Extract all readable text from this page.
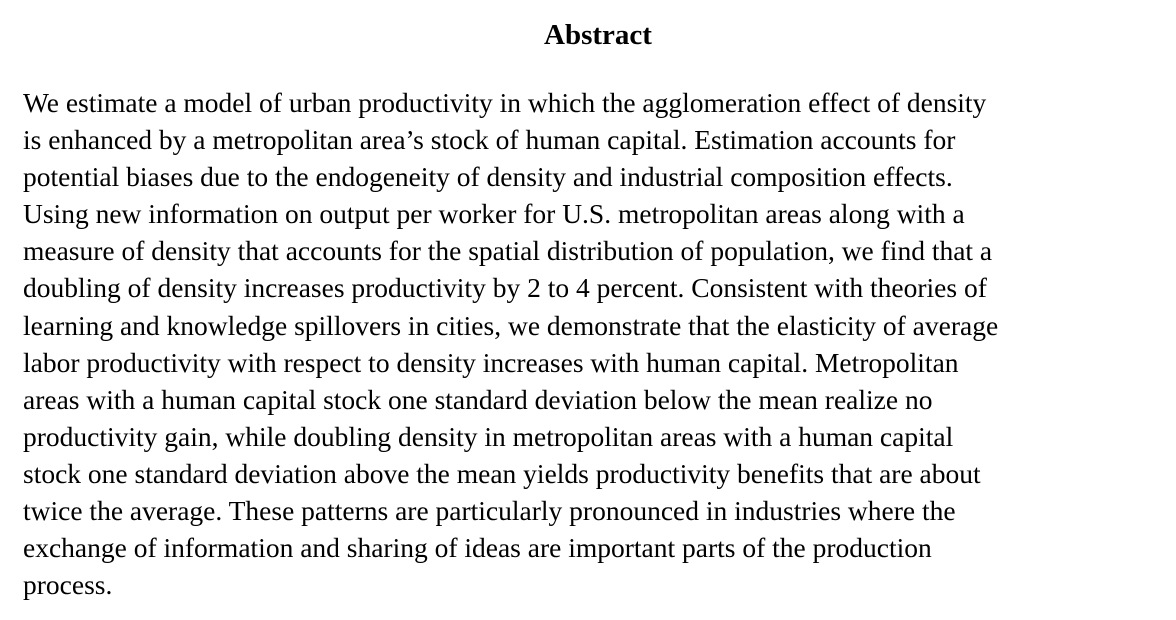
Abstract
We estimate a model of urban productivity in which the agglomeration effect of density
is enhanced by a metropolitan area’s stock of human capital. Estimation accounts for
potential biases due to the endogeneity of density and industrial composition effects.
Using new information on output per worker for U.S. metropolitan areas along with a
measure of density that accounts for the spatial distribution of population, we find that a
doubling of density increases productivity by 2 to 4 percent. Consistent with theories of
learning and knowledge spillovers in cities, we demonstrate that the elasticity of average
labor productivity with respect to density increases with human capital. Metropolitan
areas with a human capital stock one standard deviation below the mean realize no
productivity gain, while doubling density in metropolitan areas with a human capital
stock one standard deviation above the mean yields productivity benefits that are about
twice the average. These patterns are particularly pronounced in industries where the
exchange of information and sharing of ideas are important parts of the production
process.
